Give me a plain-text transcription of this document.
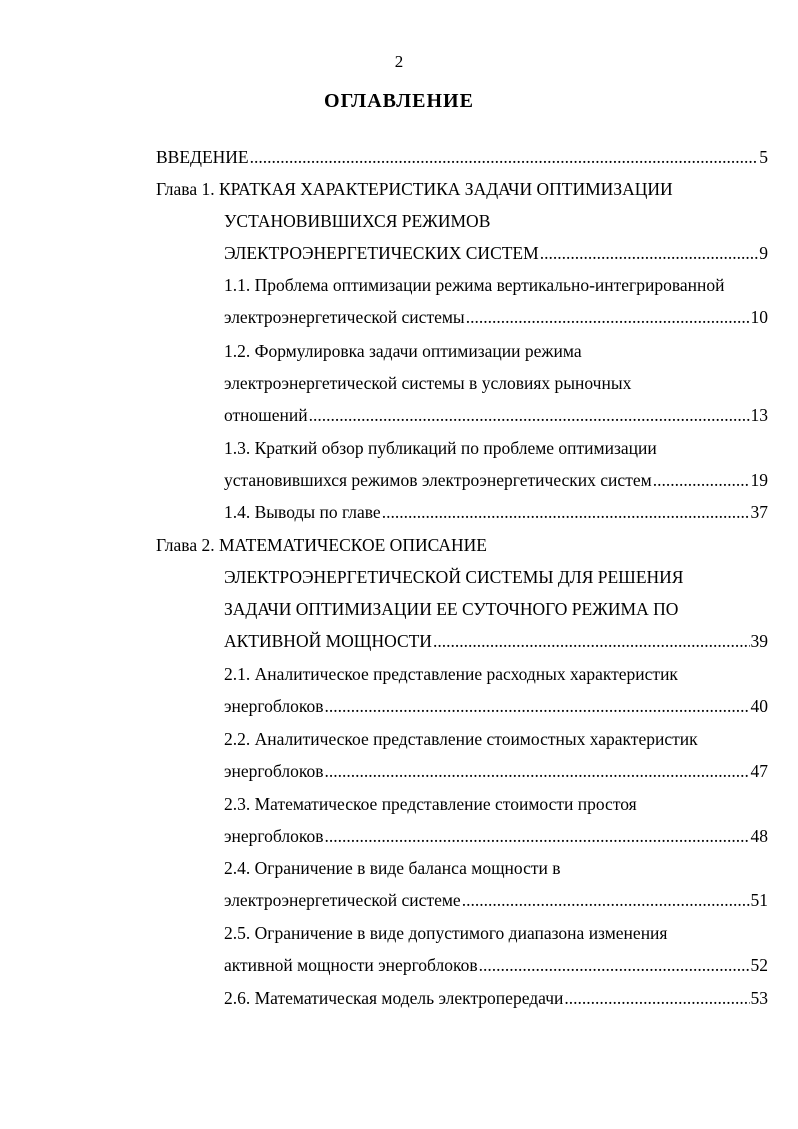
2
ОГЛАВЛЕНИЕ
ВВЕДЕНИЕ .....	5
Глава 1. КРАТКАЯ ХАРАКТЕРИСТИКА ЗАДАЧИ ОПТИМИЗАЦИИ
УСТАНОВИВШИХСЯ РЕЖИМОВ
ЭЛЕКТРОЭНЕРГЕТИЧЕСКИХ СИСТЕМ .....	9
1.1. Проблема оптимизации режима вертикально-интегрированной
электроэнергетической системы .....	10
1.2. Формулировка задачи оптимизации режима
электроэнергетической системы в условиях рыночных
отношений .....	13
1.3. Краткий обзор публикаций по проблеме оптимизации
установившихся режимов электроэнергетических систем .....	19
1.4. Выводы по главе .....	37
Глава 2. МАТЕМАТИЧЕСКОЕ ОПИСАНИЕ
ЭЛЕКТРОЭНЕРГЕТИЧЕСКОЙ СИСТЕМЫ ДЛЯ РЕШЕНИЯ
ЗАДАЧИ ОПТИМИЗАЦИИ ЕЕ СУТОЧНОГО РЕЖИМА ПО
АКТИВНОЙ МОЩНОСТИ .....	39
2.1. Аналитическое представление расходных характеристик
энергоблоков .....	40
2.2. Аналитическое представление стоимостных характеристик
энергоблоков .....	47
2.3. Математическое представление стоимости простоя
энергоблоков .....	48
2.4. Ограничение в виде баланса мощности в
электроэнергетической системе .....	51
2.5. Ограничение в виде допустимого диапазона изменения
активной мощности энергоблоков .....	52
2.6. Математическая модель электропередачи .....	53
